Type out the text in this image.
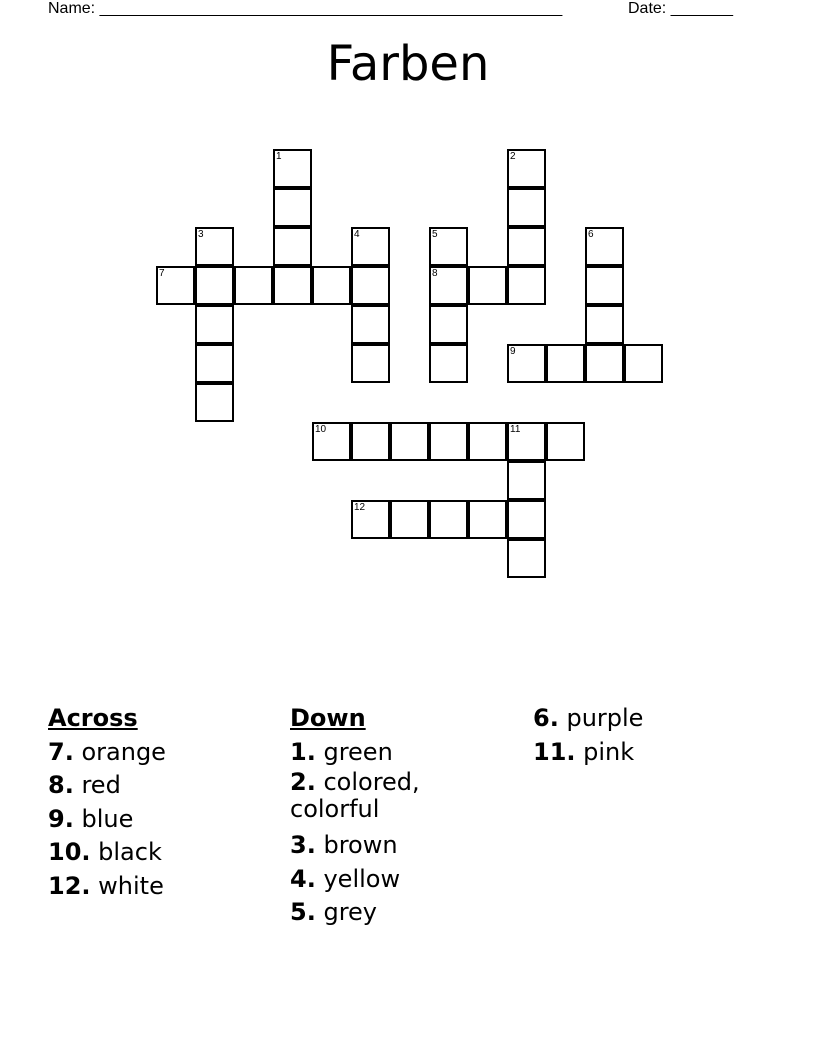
Name: ____________________________________________________	Date: _______
Farben
1	2
3	4	5	6
7	8
9
10	11
12
Across
7. orange
8. red
9. blue
10. black
12. white
Down
1. green
2. colored, colorful
3. brown
4. yellow
5. grey
6. purple
11. pink
